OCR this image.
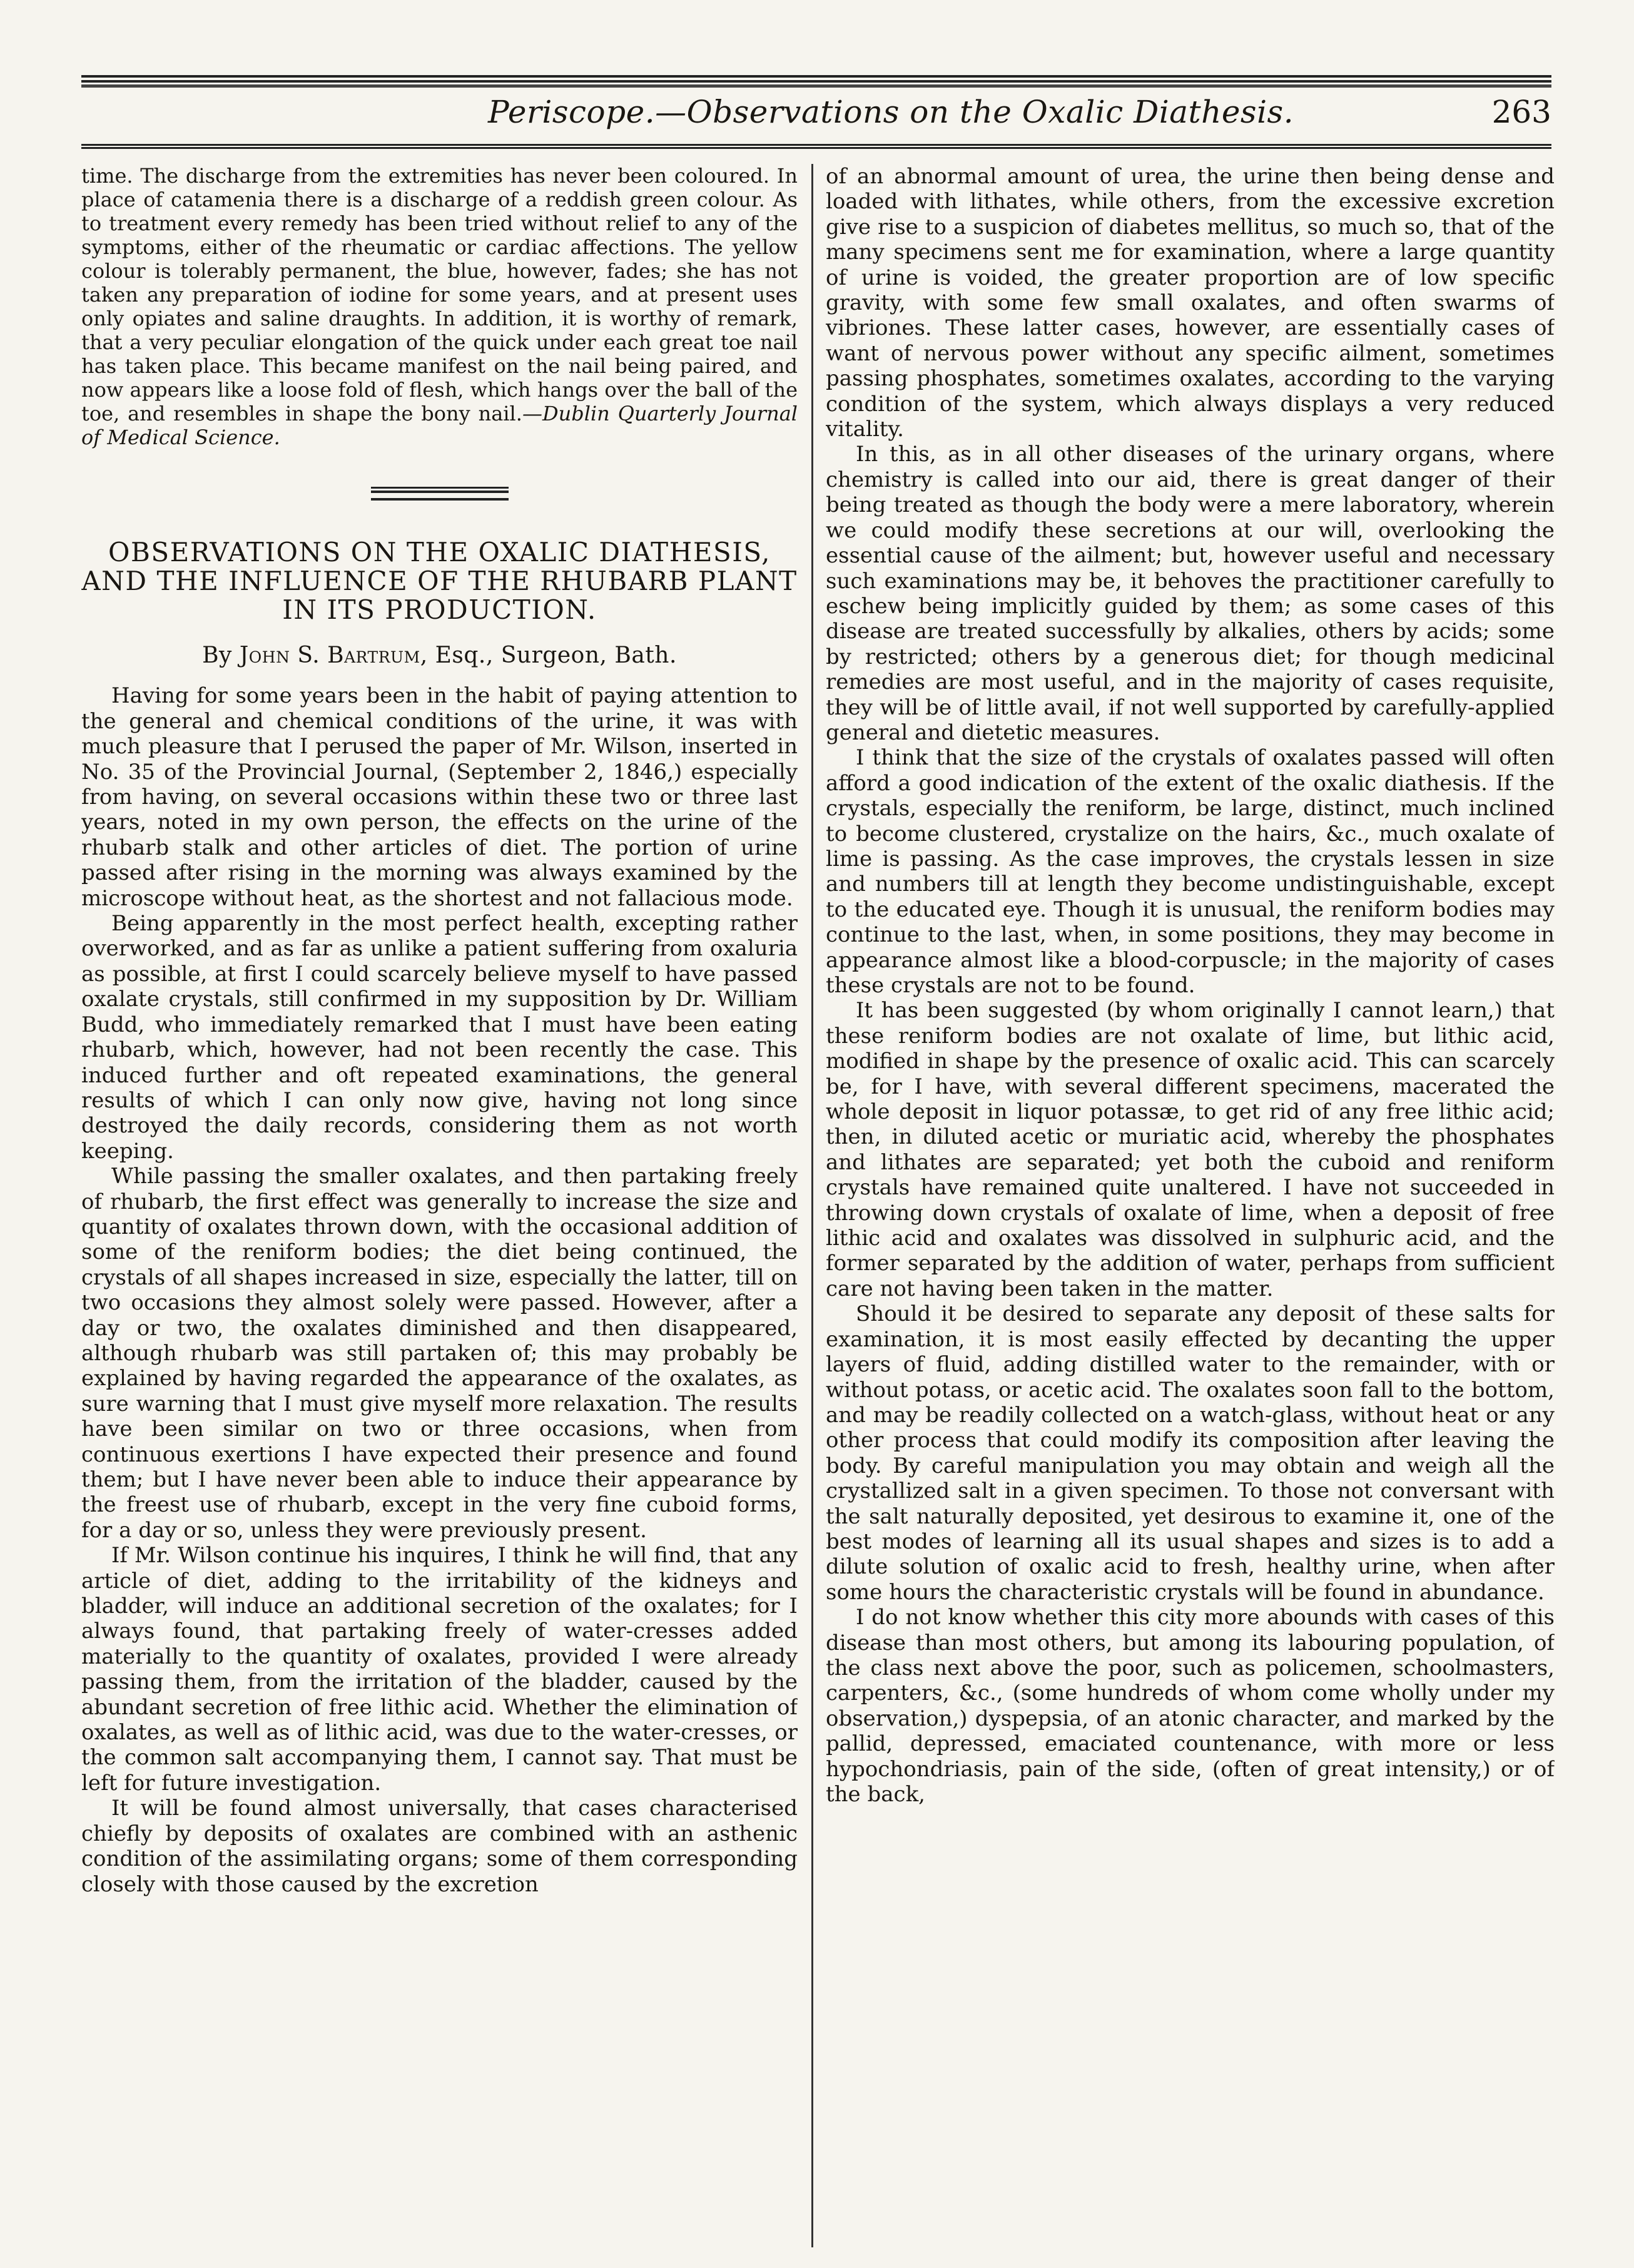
Periscope.—Observations on the Oxalic Diathesis.	263

time. The discharge from the extremities has never been coloured. In place of catamenia there is a discharge of a reddish green colour. As to treatment every remedy has been tried without relief to any of the symptoms, either of the rheumatic or cardiac affections. The yellow colour is tolerably permanent, the blue, however, fades; she has not taken any preparation of iodine for some years, and at present uses only opiates and saline draughts. In addition, it is worthy of remark, that a very peculiar elongation of the quick under each great toe nail has taken place. This became manifest on the nail being paired, and now appears like a loose fold of flesh, which hangs over the ball of the toe, and resembles in shape the bony nail.—Dublin Quarterly Journal of Medical Science.

OBSERVATIONS ON THE OXALIC DIATHESIS, AND THE INFLUENCE OF THE RHUBARB PLANT IN ITS PRODUCTION.
By John S. Bartrum, Esq., Surgeon, Bath.

Having for some years been in the habit of paying attention to the general and chemical conditions of the urine, it was with much pleasure that I perused the paper of Mr. Wilson, inserted in No. 35 of the Provincial Journal, (September 2, 1846,) especially from having, on several occasions within these two or three last years, noted in my own person, the effects on the urine of the rhubarb stalk and other articles of diet. The portion of urine passed after rising in the morning was always examined by the microscope without heat, as the shortest and not fallacious mode.

Being apparently in the most perfect health, excepting rather overworked, and as far as unlike a patient suffering from oxaluria as possible, at first I could scarcely believe myself to have passed oxalate crystals, still confirmed in my supposition by Dr. William Budd, who immediately remarked that I must have been eating rhubarb, which, however, had not been recently the case. This induced further and oft repeated examinations, the general results of which I can only now give, having not long since destroyed the daily records, considering them as not worth keeping.

While passing the smaller oxalates, and then partaking freely of rhubarb, the first effect was generally to increase the size and quantity of oxalates thrown down, with the occasional addition of some of the reniform bodies; the diet being continued, the crystals of all shapes increased in size, especially the latter, till on two occasions they almost solely were passed. However, after a day or two, the oxalates diminished and then disappeared, although rhubarb was still partaken of; this may probably be explained by having regarded the appearance of the oxalates, as sure warning that I must give myself more relaxation. The results have been similar on two or three occasions, when from continuous exertions I have expected their presence and found them; but I have never been able to induce their appearance by the freest use of rhubarb, except in the very fine cuboid forms, for a day or so, unless they were previously present.

If Mr. Wilson continue his inquires, I think he will find, that any article of diet, adding to the irritability of the kidneys and bladder, will induce an additional secretion of the oxalates; for I always found, that partaking freely of water-cresses added materially to the quantity of oxalates, provided I were already passing them, from the irritation of the bladder, caused by the abundant secretion of free lithic acid. Whether the elimination of oxalates, as well as of lithic acid, was due to the water-cresses, or the common salt accompanying them, I cannot say. That must be left for future investigation.

It will be found almost universally, that cases characterised chiefly by deposits of oxalates are combined with an asthenic condition of the assimilating organs; some of them corresponding closely with those caused by the excretion

of an abnormal amount of urea, the urine then being dense and loaded with lithates, while others, from the excessive excretion give rise to a suspicion of diabetes mellitus, so much so, that of the many specimens sent me for examination, where a large quantity of urine is voided, the greater proportion are of low specific gravity, with some few small oxalates, and often swarms of vibriones. These latter cases, however, are essentially cases of want of nervous power without any specific ailment, sometimes passing phosphates, sometimes oxalates, according to the varying condition of the system, which always displays a very reduced vitality.

In this, as in all other diseases of the urinary organs, where chemistry is called into our aid, there is great danger of their being treated as though the body were a mere laboratory, wherein we could modify these secretions at our will, overlooking the essential cause of the ailment; but, however useful and necessary such examinations may be, it behoves the practitioner carefully to eschew being implicitly guided by them; as some cases of this disease are treated successfully by alkalies, others by acids; some by restricted; others by a generous diet; for though medicinal remedies are most useful, and in the majority of cases requisite, they will be of little avail, if not well supported by carefully-applied general and dietetic measures.

I think that the size of the crystals of oxalates passed will often afford a good indication of the extent of the oxalic diathesis. If the crystals, especially the reniform, be large, distinct, much inclined to become clustered, crystalize on the hairs, &c., much oxalate of lime is passing. As the case improves, the crystals lessen in size and numbers till at length they become undistinguishable, except to the educated eye. Though it is unusual, the reniform bodies may continue to the last, when, in some positions, they may become in appearance almost like a blood-corpuscle; in the majority of cases these crystals are not to be found.

It has been suggested (by whom originally I cannot learn,) that these reniform bodies are not oxalate of lime, but lithic acid, modified in shape by the presence of oxalic acid. This can scarcely be, for I have, with several different specimens, macerated the whole deposit in liquor potassæ, to get rid of any free lithic acid; then, in diluted acetic or muriatic acid, whereby the phosphates and lithates are separated; yet both the cuboid and reniform crystals have remained quite unaltered. I have not succeeded in throwing down crystals of oxalate of lime, when a deposit of free lithic acid and oxalates was dissolved in sulphuric acid, and the former separated by the addition of water, perhaps from sufficient care not having been taken in the matter.

Should it be desired to separate any deposit of these salts for examination, it is most easily effected by decanting the upper layers of fluid, adding distilled water to the remainder, with or without potass, or acetic acid. The oxalates soon fall to the bottom, and may be readily collected on a watch-glass, without heat or any other process that could modify its composition after leaving the body. By careful manipulation you may obtain and weigh all the crystallized salt in a given specimen. To those not conversant with the salt naturally deposited, yet desirous to examine it, one of the best modes of learning all its usual shapes and sizes is to add a dilute solution of oxalic acid to fresh, healthy urine, when after some hours the characteristic crystals will be found in abundance.

I do not know whether this city more abounds with cases of this disease than most others, but among its labouring population, of the class next above the poor, such as policemen, schoolmasters, carpenters, &c., (some hundreds of whom come wholly under my observation,) dyspepsia, of an atonic character, and marked by the pallid, depressed, emaciated countenance, with more or less hypochondriasis, pain of the side, (often of great intensity,) or of the back,
